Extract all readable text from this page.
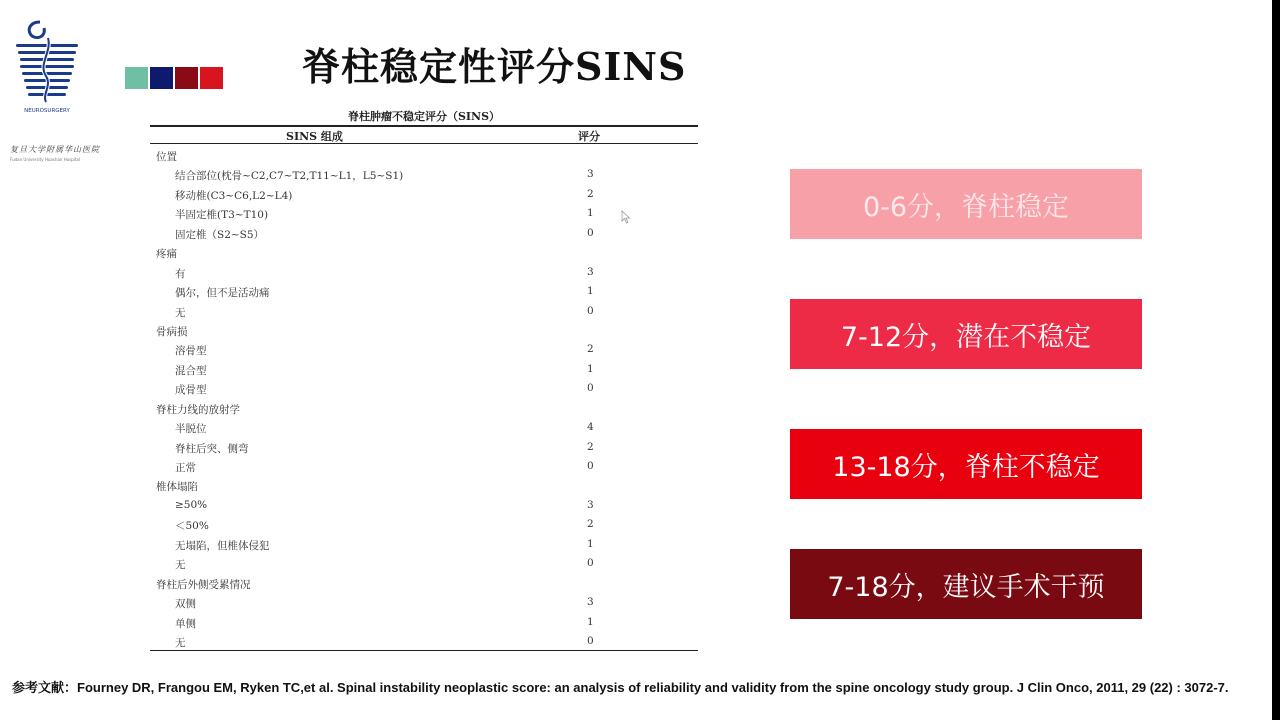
NEUROSURGERY
复旦大学附属华山医院
Fudan University Huashan Hospital
脊柱稳定性评分SINS
脊柱肿瘤不稳定评分（SINS）
SINS 组成	评分
位置
结合部位(枕骨~C2,C7~T2,T11~L1，L5~S1)	3
移动椎(C3~C6,L2~L4)	2
半固定椎(T3~T10)	1
固定椎（S2~S5）	0
疼痛
有	3
偶尔，但不是活动痛	1
无	0
骨病损
溶骨型	2
混合型	1
成骨型	0
脊柱力线的放射学
半脱位	4
脊柱后突、侧弯	2
正常	0
椎体塌陷
≥50%	3
＜50%	2
无塌陷，但椎体侵犯	1
无	0
脊柱后外侧受累情况
双侧	3
单侧	1
无	0
0-6分，脊柱稳定
7-12分，潜在不稳定
13-18分，脊柱不稳定
7-18分，建议手术干预
参考文献：Fourney DR, Frangou EM, Ryken TC,et al. Spinal instability neoplastic score: an analysis of reliability and validity from the spine oncology study group. J Clin Onco, 2011, 29 (22) : 3072-7.
